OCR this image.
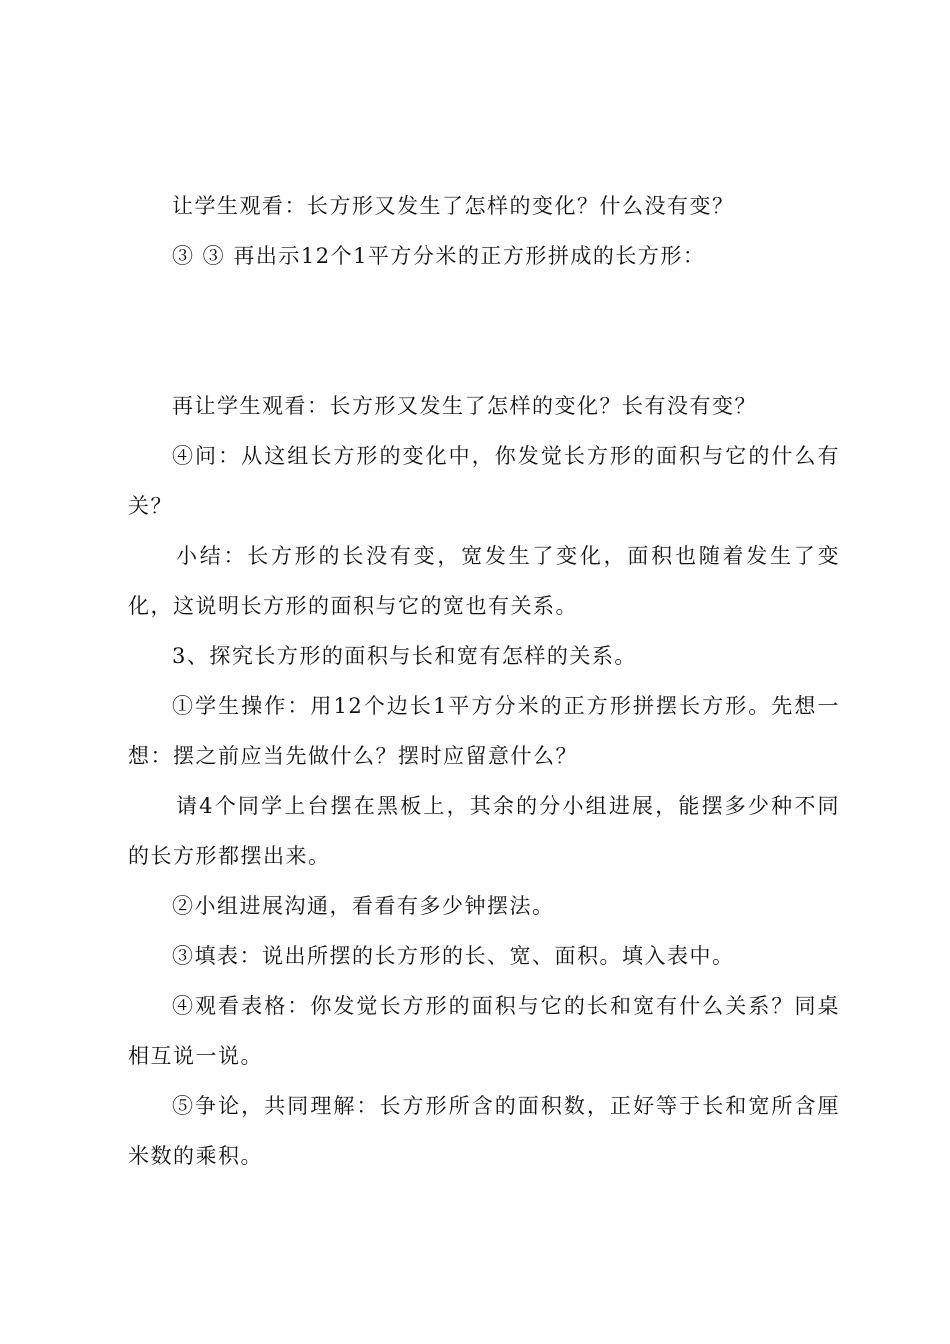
让学生观看：长方形又发生了怎样的变化？什么没有变？
③ ③ 再出示12个1平方分米的正方形拼成的长方形：
再让学生观看：长方形又发生了怎样的变化？长有没有变？
④问：从这组长方形的变化中，你发觉长方形的面积与它的什么有
关？
小结：长方形的长没有变，宽发生了变化，面积也随着发生了变
化，这说明长方形的面积与它的宽也有关系。
3、探究长方形的面积与长和宽有怎样的关系。
①学生操作：用12个边长1平方分米的正方形拼摆长方形。先想一
想：摆之前应当先做什么？摆时应留意什么？
请4个同学上台摆在黑板上，其余的分小组进展，能摆多少种不同
的长方形都摆出来。
②小组进展沟通，看看有多少钟摆法。
③填表：说出所摆的长方形的长、宽、面积。填入表中。
④观看表格：你发觉长方形的面积与它的长和宽有什么关系？同桌
相互说一说。
⑤争论，共同理解：长方形所含的面积数，正好等于长和宽所含厘
米数的乘积。
